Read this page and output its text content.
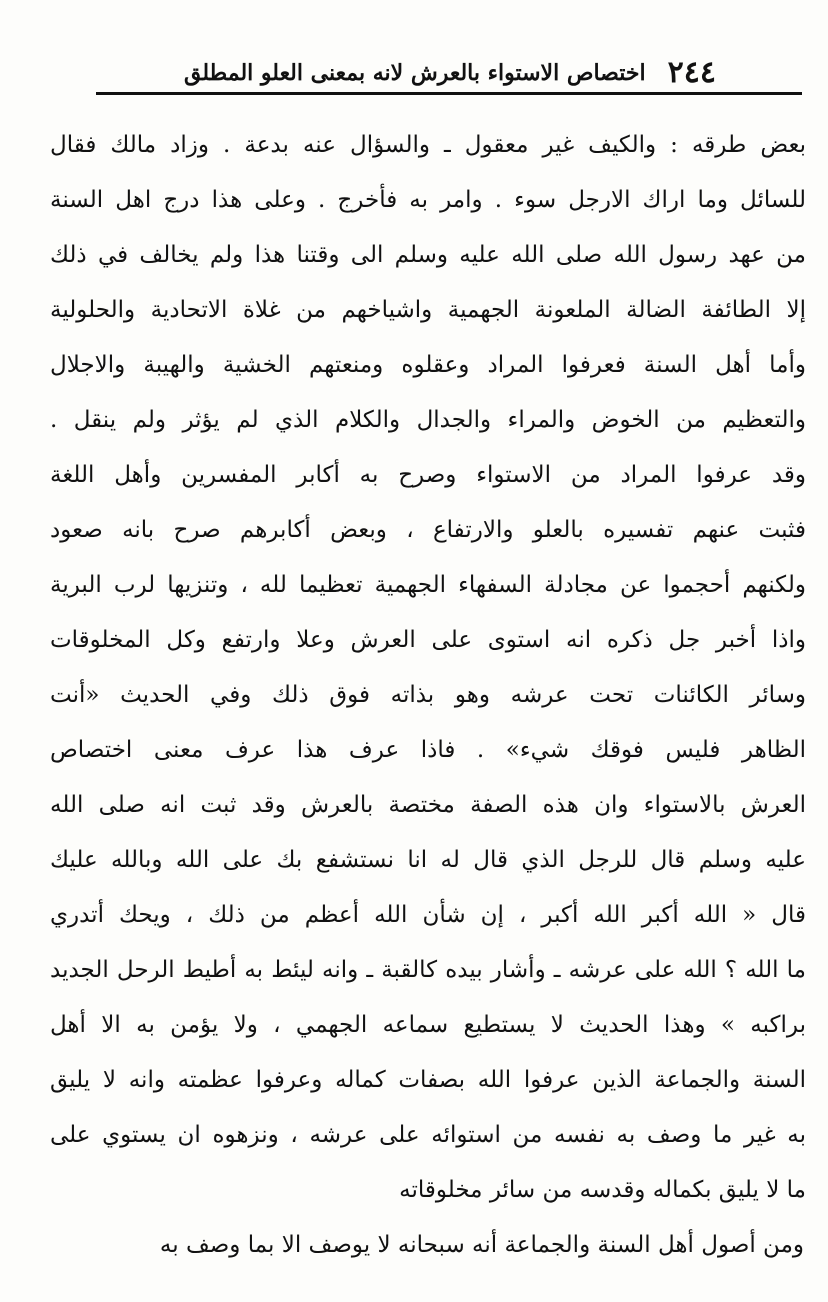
٢٤٤
اختصاص الاستواء بالعرش لانه بمعنى العلو المطلق
بعض طرقه : والكيف غير معقول ـ والسؤال عنه بدعة . وزاد مالك فقال
للسائل وما اراك الارجل سوء . وامر به فأخرج . وعلى هذا درج اهل السنة
من عهد رسول الله صلى الله عليه وسلم الى وقتنا هذا ولم يخالف في ذلك
إلا الطائفة الضالة الملعونة الجهمية واشياخهم من غلاة الاتحادية والحلولية
وأما أهل السنة فعرفوا المراد وعقلوه ومنعتهم الخشية والهيبة والاجلال
والتعظيم من الخوض والمراء والجدال والكلام الذي لم يؤثر ولم ينقل .
وقد عرفوا المراد من الاستواء وصرح به أكابر المفسرين وأهل اللغة
فثبت عنهم تفسيره بالعلو والارتفاع ، وبعض أكابرهم صرح بانه صعود
ولكنهم أحجموا عن مجادلة السفهاء الجهمية تعظيما لله ، وتنزيها لرب البرية
واذا أخبر جل ذكره انه استوى على العرش وعلا وارتفع وكل المخلوقات
وسائر الكائنات تحت عرشه وهو بذاته فوق ذلك وفي الحديث «أنت
الظاهر فليس فوقك شيء» . فاذا عرف هذا عرف معنى اختصاص
العرش بالاستواء وان هذه الصفة مختصة بالعرش وقد ثبت انه صلى الله
عليه وسلم قال للرجل الذي قال له انا نستشفع بك على الله وبالله عليك
قال « الله أكبر الله أكبر ، إن شأن الله أعظم من ذلك ، ويحك أتدري
ما الله ؟ الله على عرشه ـ وأشار بيده كالقبة ـ وانه ليئط به أطيط الرحل الجديد
براكبه » وهذا الحديث لا يستطيع سماعه الجهمي ، ولا يؤمن به الا أهل
السنة والجماعة الذين عرفوا الله بصفات كماله وعرفوا عظمته وانه لا يليق
به غير ما وصف به نفسه من استوائه على عرشه ، ونزهوه ان يستوي على
ما لا يليق بكماله وقدسه من سائر مخلوقاته
ومن أصول أهل السنة والجماعة أنه سبحانه لا يوصف الا بما وصف به
